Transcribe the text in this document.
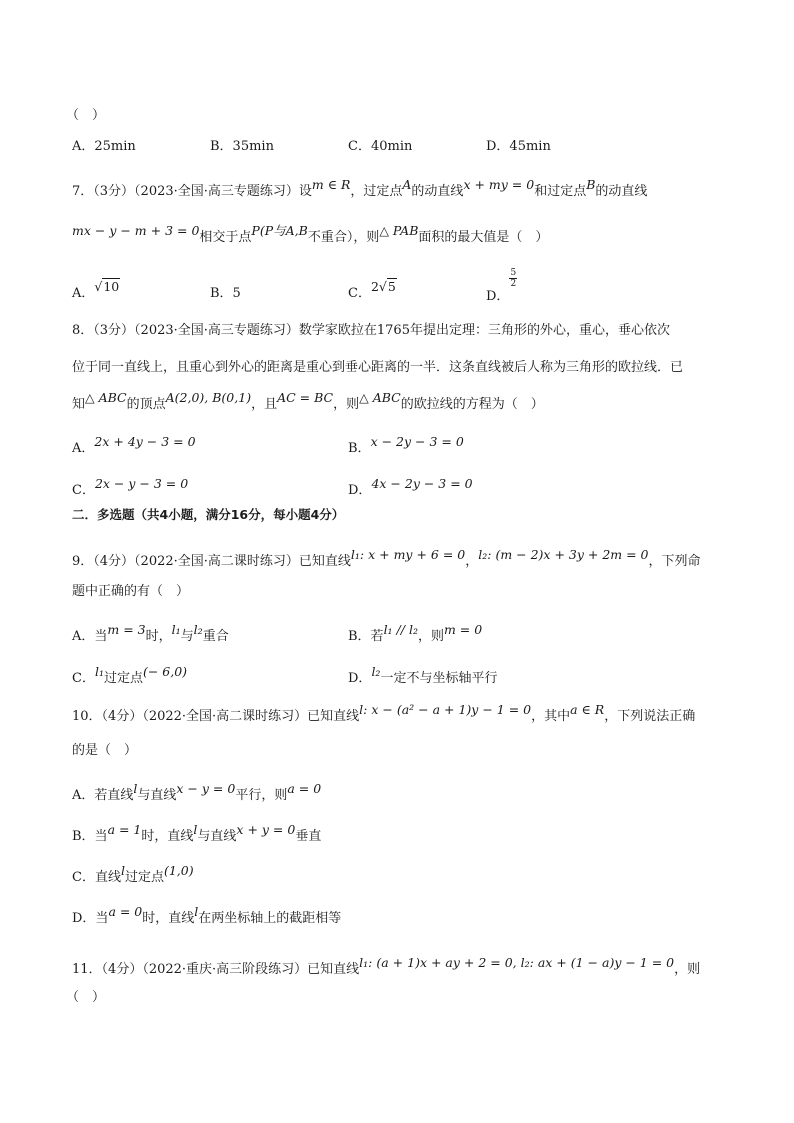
（　）
A．25min	B．35min	C．40min	D．45min
7．（3分）（2023·全国·高三专题练习）设m ∈ R，过定点A的动直线x + my = 0和过定点B的动直线
mx − y − m + 3 = 0相交于点P(P与A,B不重合），则△ PAB面积的最大值是（　）
A．√10	B．5	C．2√5
D．
$\frac{5}{2}$
8．（3分）（2023·全国·高三专题练习）数学家欧拉在1765年提出定理：三角形的外心，重心，垂心依次
位于同一直线上，且重心到外心的距离是重心到垂心距离的一半．这条直线被后人称为三角形的欧拉线．已
知△ ABC的顶点A(2,0), B(0,1)，且AC = BC，则△ ABC的欧拉线的方程为（　）
A．2x + 4y − 3 = 0	B．x − 2y − 3 = 0
C．2x − y − 3 = 0	D．4x − 2y − 3 = 0
二．多选题（共4小题，满分16分，每小题4分）
9．（4分）（2022·全国·高二课时练习）已知直线l₁: x + my + 6 = 0，l₂: (m − 2)x + 3y + 2m = 0，下列命
题中正确的有（　）
A．当m = 3时，l₁与l₂重合	B．若l₁ // l₂，则m = 0
C．l₁过定点(− 6,0)	D．l₂一定不与坐标轴平行
10．（4分）（2022·全国·高二课时练习）已知直线l: x − (a² − a + 1)y − 1 = 0，其中a ∈ R，下列说法正确
的是（　）
A．若直线l与直线x − y = 0平行，则a = 0
B．当a = 1时，直线l与直线x + y = 0垂直
C．直线l过定点(1,0)
D．当a = 0时，直线l在两坐标轴上的截距相等
11．（4分）（2022·重庆·高三阶段练习）已知直线l₁: (a + 1)x + ay + 2 = 0, l₂: ax + (1 − a)y − 1 = 0，则
（　）
